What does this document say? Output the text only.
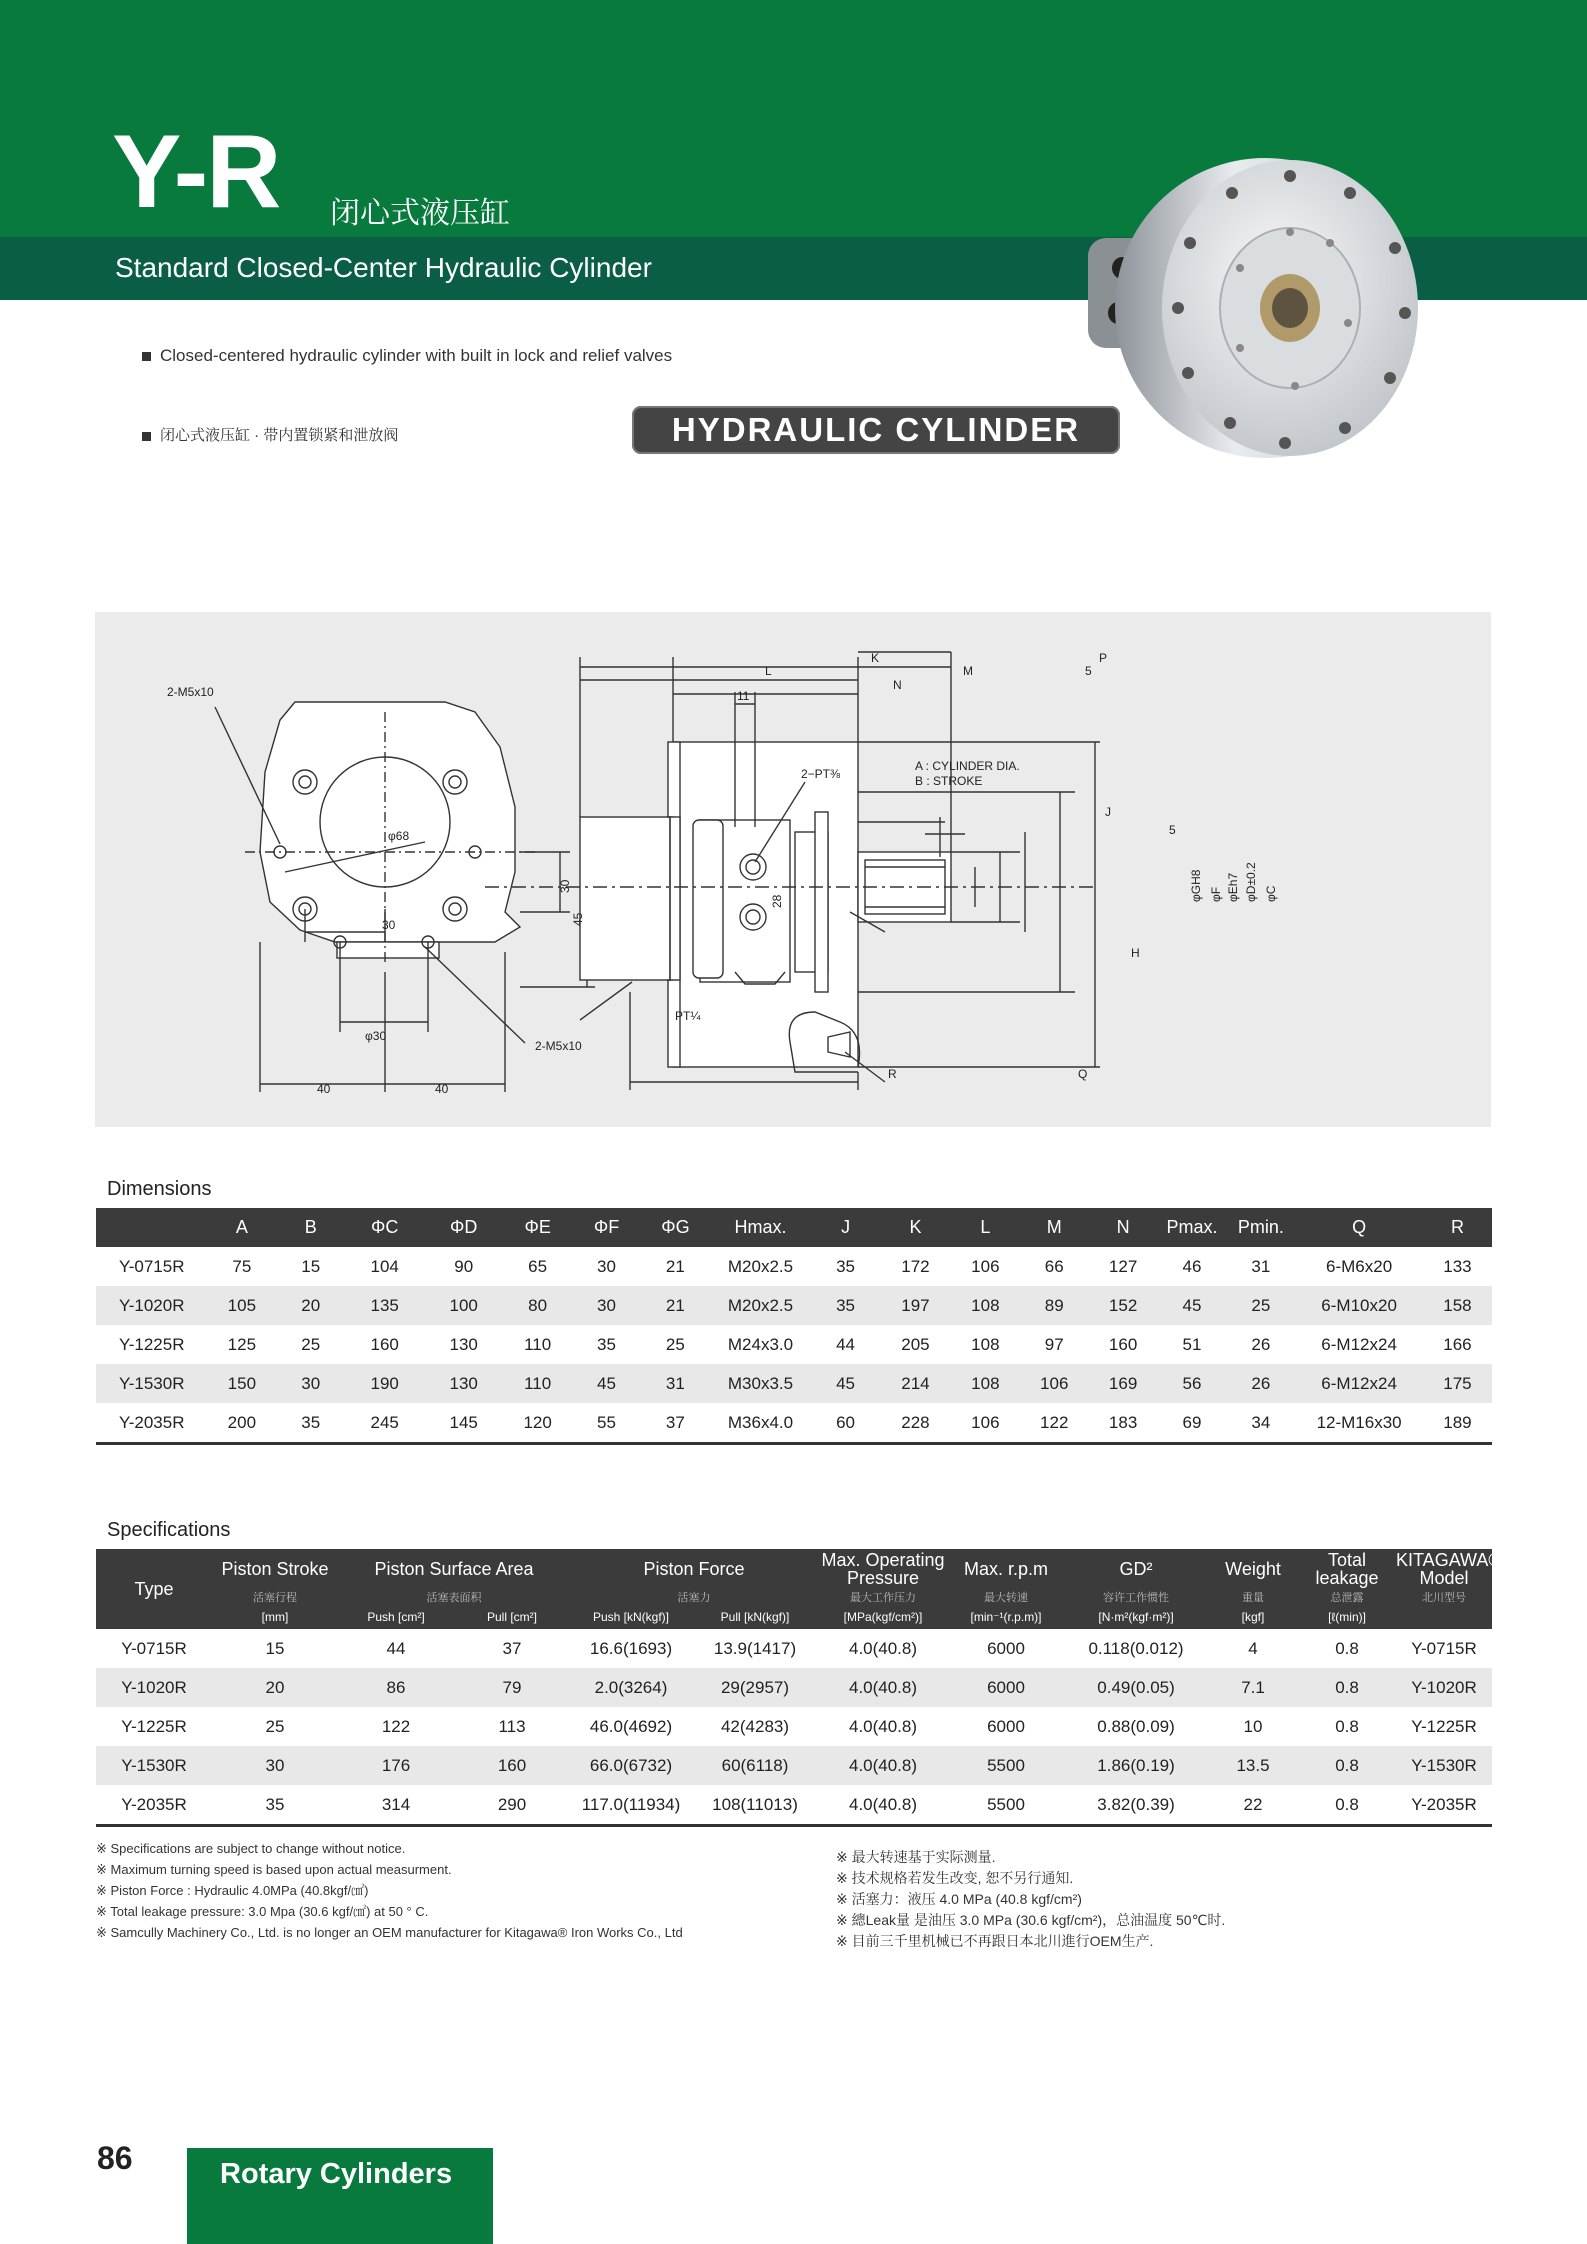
Y-R 闭心式液压缸
Standard Closed-Center Hydraulic Cylinder
Closed-centered hydraulic cylinder with built in lock and relief valves
闭心式液压缸 · 带内置锁紧和泄放阀	HYDRAULIC CYLINDER
2-M5x10
2-M5x10
φ68
30
30
45
φ30
40	40
K
L	M
N
P
5
11
2−PT⅜
A : CYLINDER DIA.
B : STROKE
J
5
28	φGH8 φF φEh7 φD±0.2 φC
H
PT¼
R	Q
Dimensions
	A	B	ΦC	ΦD	ΦE	ΦF	ΦG	Hmax.	J	K	L	M	N	Pmax.	Pmin.	Q	R
Y-0715R	75	15	104	90	65	30	21	M20x2.5	35	172	106	66	127	46	31	6-M6x20	133
Y-1020R	105	20	135	100	80	30	21	M20x2.5	35	197	108	89	152	45	25	6-M10x20	158
Y-1225R	125	25	160	130	110	35	25	M24x3.0	44	205	108	97	160	51	26	6-M12x24	166
Y-1530R	150	30	190	130	110	45	31	M30x3.5	45	214	108	106	169	56	26	6-M12x24	175
Y-2035R	200	35	245	145	120	55	37	M36x4.0	60	228	106	122	183	69	34	12-M16x30	189
Specifications
Type	Piston Stroke	Piston Surface Area		Piston Force		Max. Operating Pressure	Max. r.p.m	GD²	Weight	Total leakage	KITAGAWA® Model
	活塞行程	活塞表面积		活塞力		最大工作压力	最大转速	容许工作惯性	重量	总泄露	北川型号
	[mm]	Push [cm²]	Pull [cm²]	Push [kN(kgf)]	Pull [kN(kgf)]	[MPa(kgf/cm²)]	[min⁻¹(r.p.m)]	[N·m²(kgf·m²)]	[kgf]	[ℓ(min)]	
Y-0715R	15	44	37	16.6(1693)	13.9(1417)	4.0(40.8)	6000	0.118(0.012)	4	0.8	Y-0715R
Y-1020R	20	86	79	2.0(3264)	29(2957)	4.0(40.8)	6000	0.49(0.05)	7.1	0.8	Y-1020R
Y-1225R	25	122	113	46.0(4692)	42(4283)	4.0(40.8)	6000	0.88(0.09)	10	0.8	Y-1225R
Y-1530R	30	176	160	66.0(6732)	60(6118)	4.0(40.8)	5500	1.86(0.19)	13.5	0.8	Y-1530R
Y-2035R	35	314	290	117.0(11934)	108(11013)	4.0(40.8)	5500	3.82(0.39)	22	0.8	Y-2035R
※ Specifications are subject to change without notice.
※ Maximum turning speed is based upon actual measurment.
※ Piston Force : Hydraulic 4.0MPa (40.8kgf/㎠)
※ Total leakage pressure: 3.0 Mpa (30.6 kgf/㎠) at 50 ° C.
※ Samcully Machinery Co., Ltd. is no longer an OEM manufacturer for Kitagawa® Iron Works Co., Ltd
※ 最大转速基于实际测量.
※ 技术规格若发生改变, 恕不另行通知.
※ 活塞力：液压 4.0 MPa (40.8 kgf/cm²)
※ 總Leak量 是油压 3.0 MPa (30.6 kgf/cm²)，总油温度 50℃时.
※ 目前三千里机械已不再跟日本北川進行OEM生产.
86	Rotary Cylinders
